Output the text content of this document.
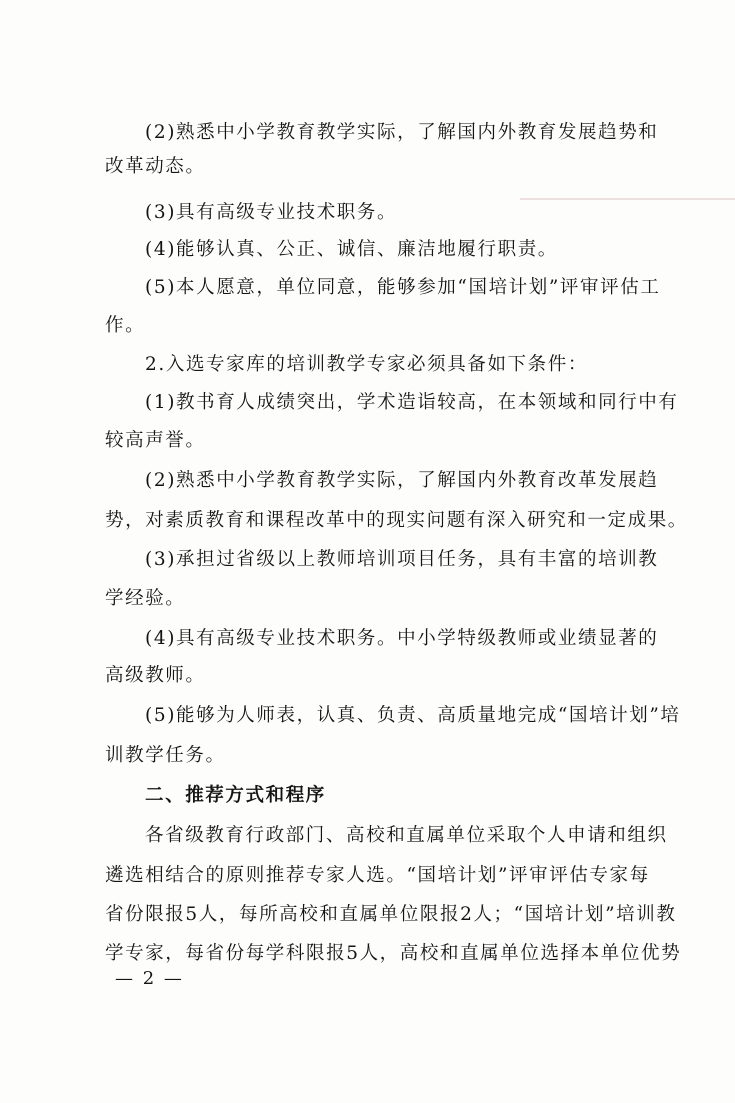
(2)熟悉中小学教育教学实际，了解国内外教育发展趋势和
改革动态。
(3)具有高级专业技术职务。
(4)能够认真、公正、诚信、廉洁地履行职责。
(5)本人愿意，单位同意，能够参加“国培计划”评审评估工
作。
2.入选专家库的培训教学专家必须具备如下条件：
(1)教书育人成绩突出，学术造诣较高，在本领域和同行中有
较高声誉。
(2)熟悉中小学教育教学实际，了解国内外教育改革发展趋
势，对素质教育和课程改革中的现实问题有深入研究和一定成果。
(3)承担过省级以上教师培训项目任务，具有丰富的培训教
学经验。
(4)具有高级专业技术职务。中小学特级教师或业绩显著的
高级教师。
(5)能够为人师表，认真、负责、高质量地完成“国培计划”培
训教学任务。
二、推荐方式和程序
各省级教育行政部门、高校和直属单位采取个人申请和组织
遴选相结合的原则推荐专家人选。“国培计划”评审评估专家每
省份限报5人，每所高校和直属单位限报2人；“国培计划”培训教
学专家，每省份每学科限报5人，高校和直属单位选择本单位优势
— 2 —
